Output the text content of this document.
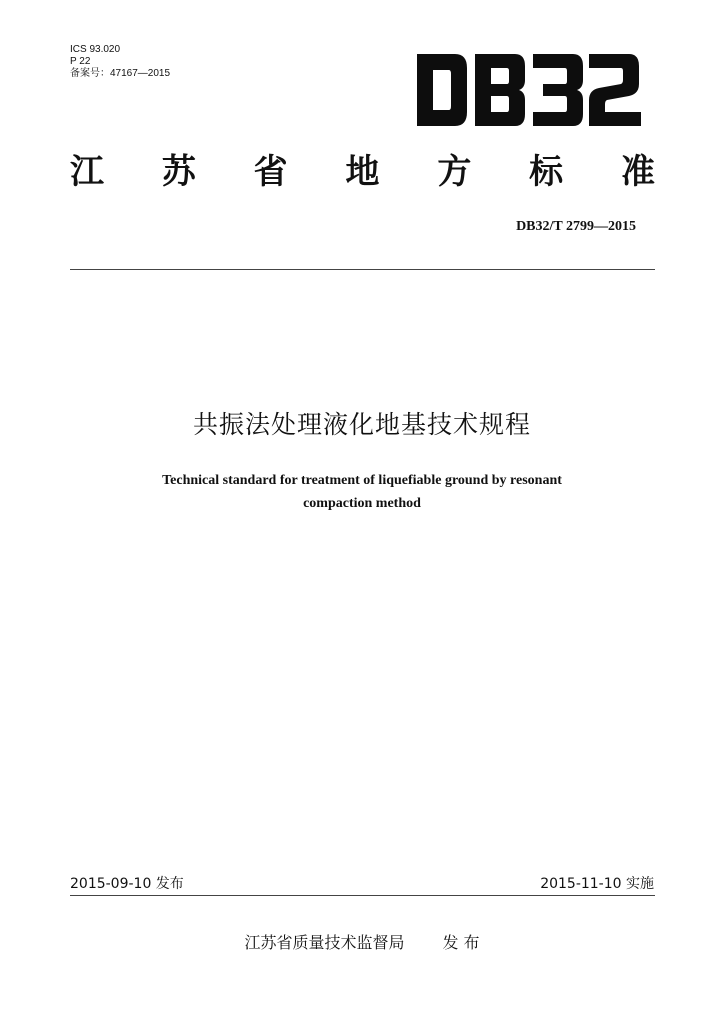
ICS 93.020
P 22
备案号：47167—2015
江 苏 省 地 方 标 准
DB32/T 2799—2015
共振法处理液化地基技术规程
Technical standard for treatment of liquefiable ground by resonant
compaction method
2015-09-10 发布	2015-11-10 实施
江苏省质量技术监督局 发 布
